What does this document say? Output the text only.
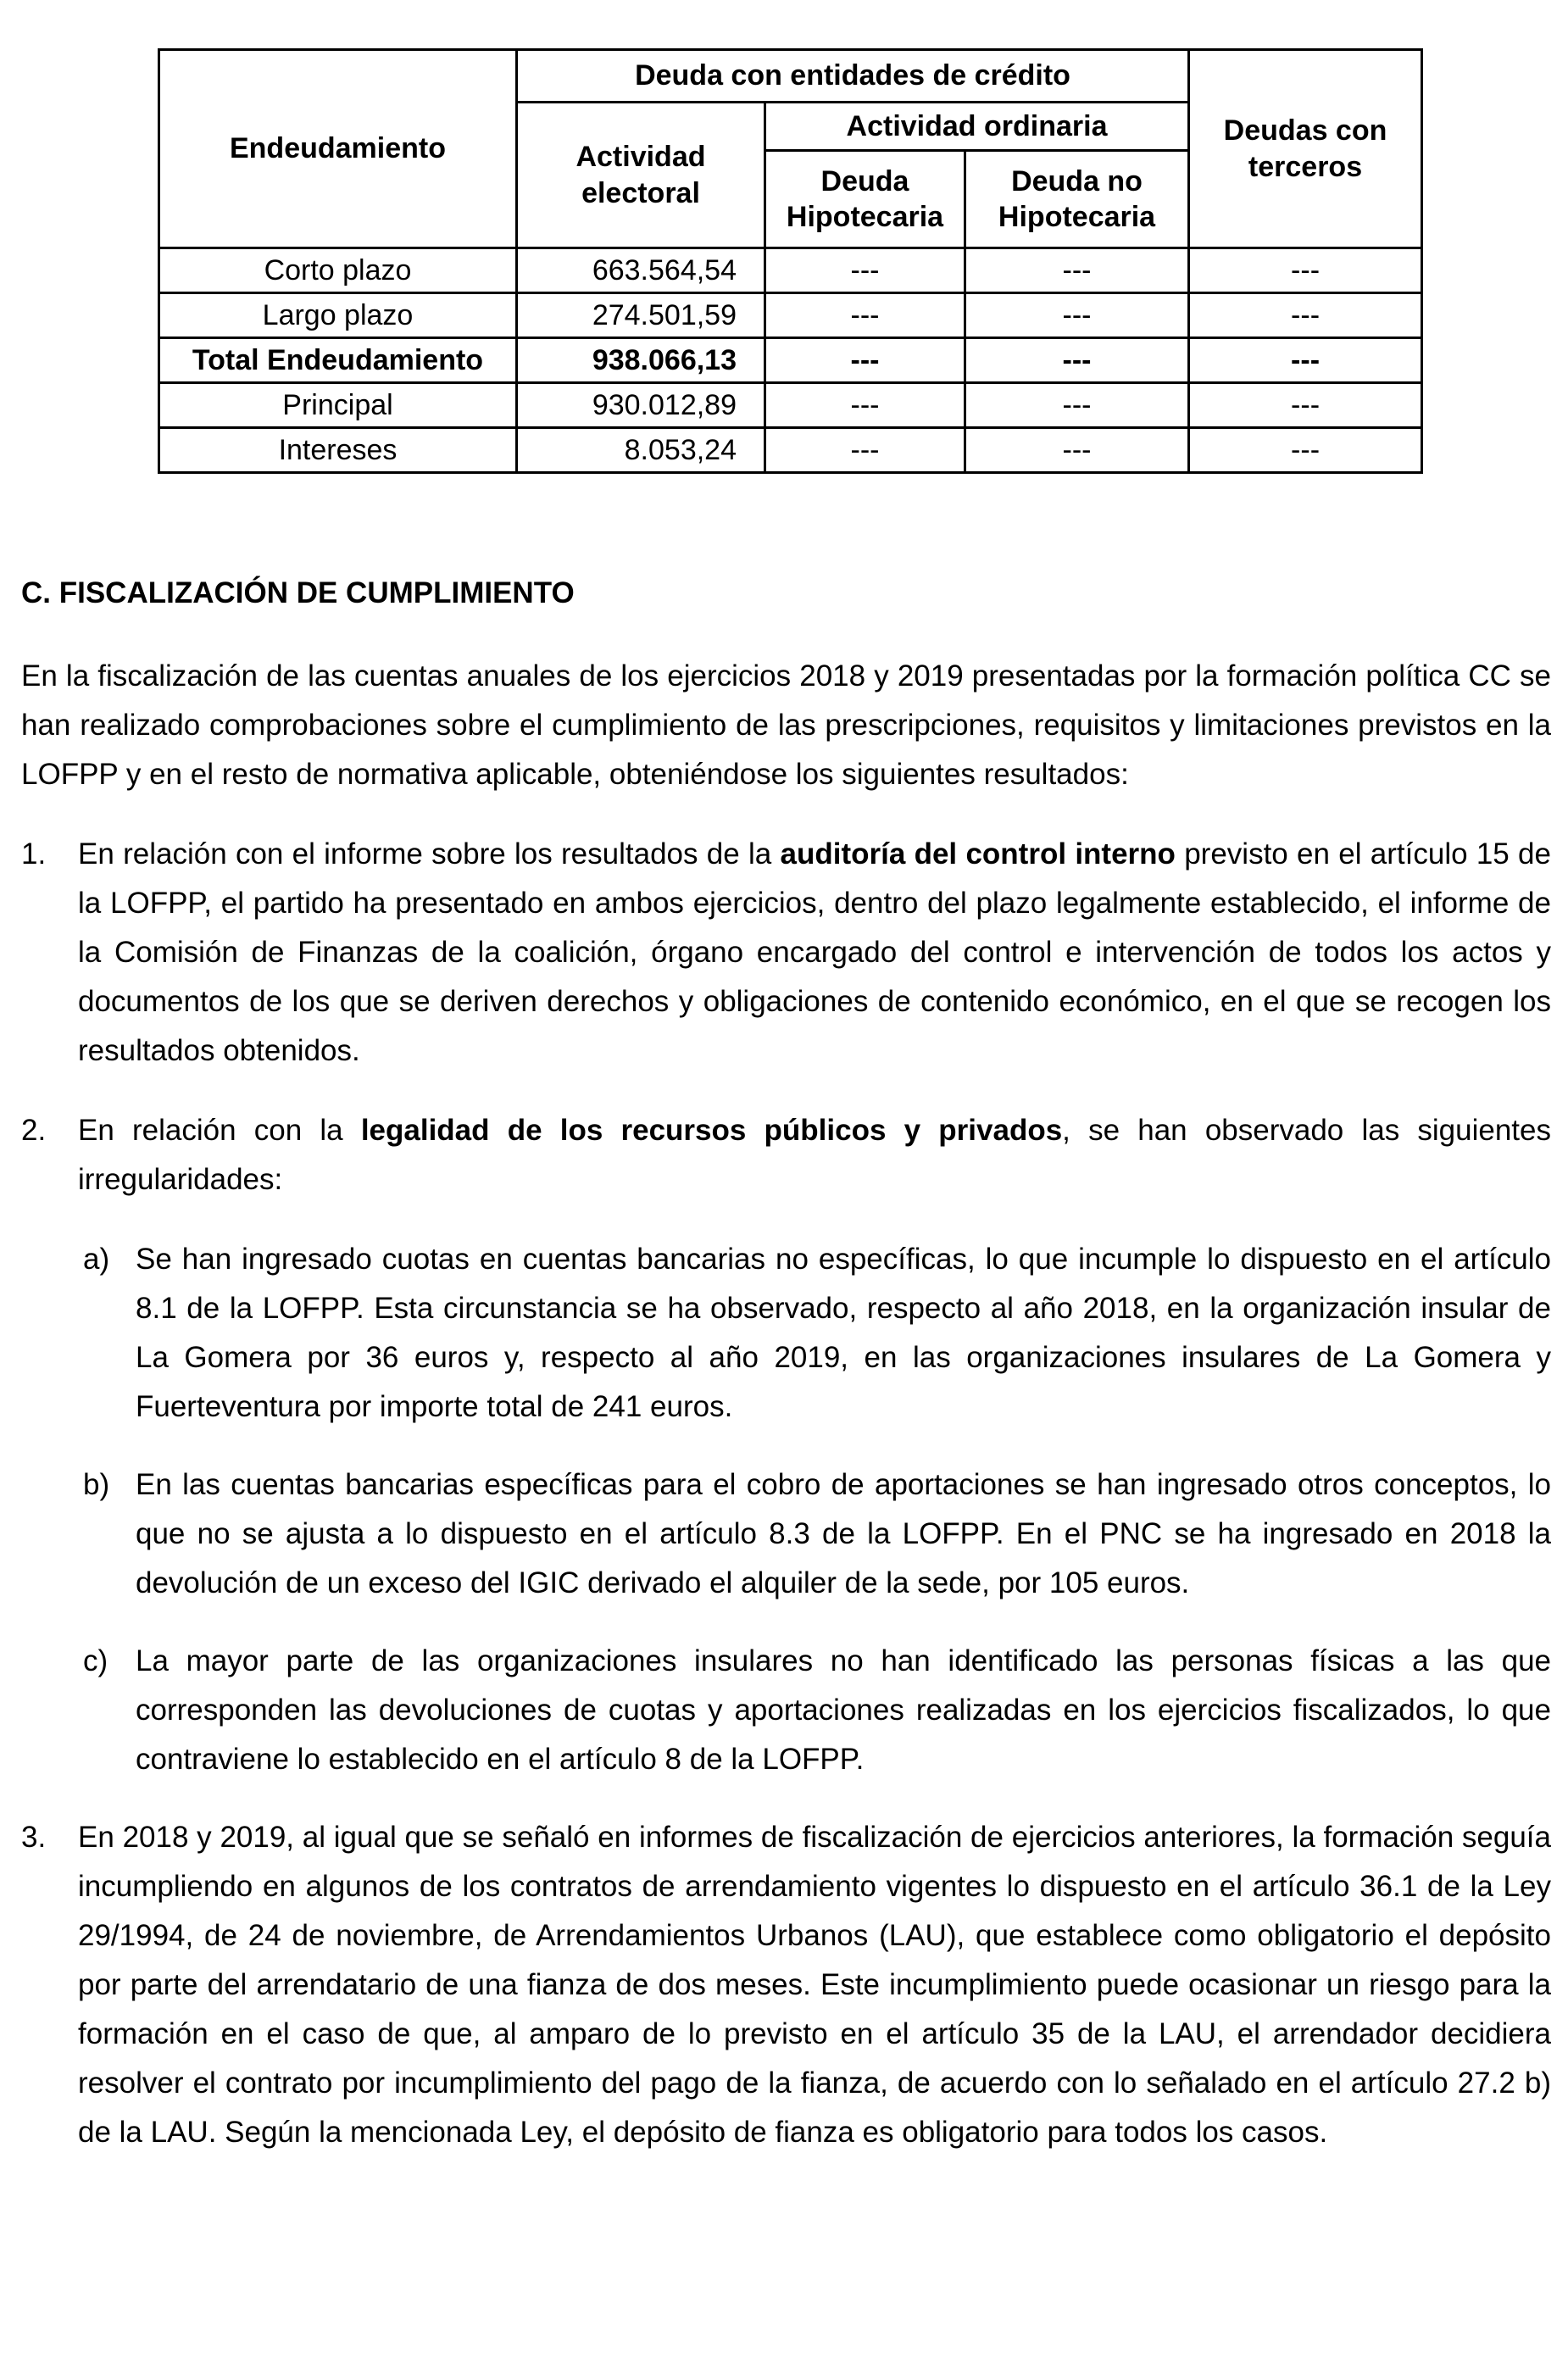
Endeudamiento	Deuda con entidades de crédito			Deudas con terceros
	Actividad electoral	Actividad ordinaria		
		Deuda Hipotecaria	Deuda no Hipotecaria	
Corto plazo	663.564,54	---	---	---
Largo plazo	274.501,59	---	---	---
Total Endeudamiento	938.066,13	---	---	---
Principal	930.012,89	---	---	---
Intereses	8.053,24	---	---	---
C. FISCALIZACIÓN DE CUMPLIMIENTO

En la fiscalización de las cuentas anuales de los ejercicios 2018 y 2019 presentadas por la formación política CC se han realizado comprobaciones sobre el cumplimiento de las prescripciones, requisitos y limitaciones previstos en la LOFPP y en el resto de normativa aplicable, obteniéndose los siguientes resultados:

1.	En relación con el informe sobre los resultados de la auditoría del control interno previsto en el artículo 15 de la LOFPP, el partido ha presentado en ambos ejercicios, dentro del plazo legalmente establecido, el informe de la Comisión de Finanzas de la coalición, órgano encargado del control e intervención de todos los actos y documentos de los que se deriven derechos y obligaciones de contenido económico, en el que se recogen los resultados obtenidos.

2.	En relación con la legalidad de los recursos públicos y privados, se han observado las siguientes irregularidades:

a) Se han ingresado cuotas en cuentas bancarias no específicas, lo que incumple lo dispuesto en el artículo 8.1 de la LOFPP. Esta circunstancia se ha observado, respecto al año 2018, en la organización insular de La Gomera por 36 euros y, respecto al año 2019, en las organizaciones insulares de La Gomera y Fuerteventura por importe total de 241 euros.

b) En las cuentas bancarias específicas para el cobro de aportaciones se han ingresado otros conceptos, lo que no se ajusta a lo dispuesto en el artículo 8.3 de la LOFPP. En el PNC se ha ingresado en 2018 la devolución de un exceso del IGIC derivado el alquiler de la sede, por 105 euros.

c) La mayor parte de las organizaciones insulares no han identificado las personas físicas a las que corresponden las devoluciones de cuotas y aportaciones realizadas en los ejercicios fiscalizados, lo que contraviene lo establecido en el artículo 8 de la LOFPP.

3.	En 2018 y 2019, al igual que se señaló en informes de fiscalización de ejercicios anteriores, la formación seguía incumpliendo en algunos de los contratos de arrendamiento vigentes lo dispuesto en el artículo 36.1 de la Ley 29/1994, de 24 de noviembre, de Arrendamientos Urbanos (LAU), que establece como obligatorio el depósito por parte del arrendatario de una fianza de dos meses. Este incumplimiento puede ocasionar un riesgo para la formación en el caso de que, al amparo de lo previsto en el artículo 35 de la LAU, el arrendador decidiera resolver el contrato por incumplimiento del pago de la fianza, de acuerdo con lo señalado en el artículo 27.2 b) de la LAU. Según la mencionada Ley, el depósito de fianza es obligatorio para todos los casos.
